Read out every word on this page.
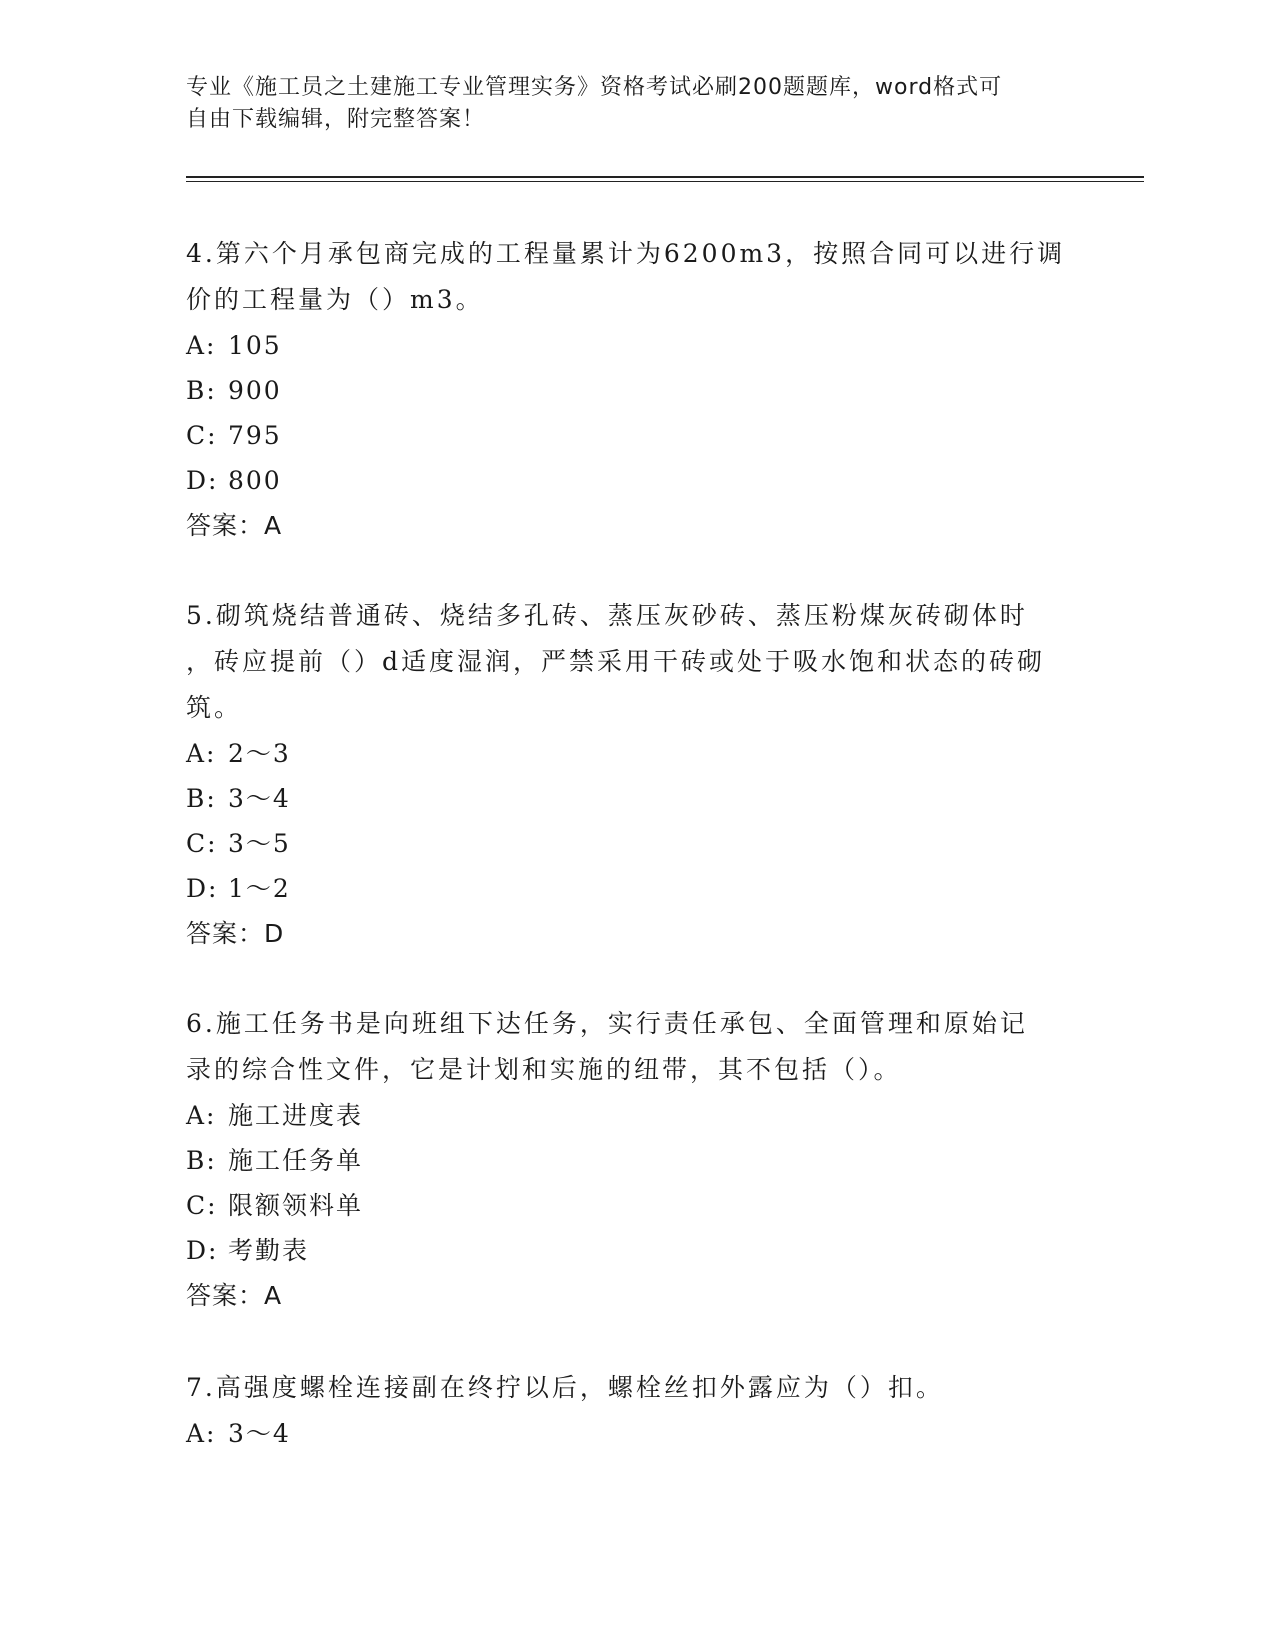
专业《施工员之土建施工专业管理实务》资格考试必刷200题题库，word格式可
自由下载编辑，附完整答案！
4.第六个月承包商完成的工程量累计为6200m3，按照合同可以进行调
价的工程量为（）m3。
A: 105
B: 900
C: 795
D: 800
答案：A
5.砌筑烧结普通砖、烧结多孔砖、蒸压灰砂砖、蒸压粉煤灰砖砌体时
，砖应提前（）d适度湿润，严禁采用干砖或处于吸水饱和状态的砖砌
筑。
A: 2～3
B: 3～4
C: 3～5
D: 1～2
答案：D
6.施工任务书是向班组下达任务，实行责任承包、全面管理和原始记
录的综合性文件，它是计划和实施的纽带，其不包括（）。
A: 施工进度表
B: 施工任务单
C: 限额领料单
D: 考勤表
答案：A
7.高强度螺栓连接副在终拧以后，螺栓丝扣外露应为（）扣。
A: 3～4
